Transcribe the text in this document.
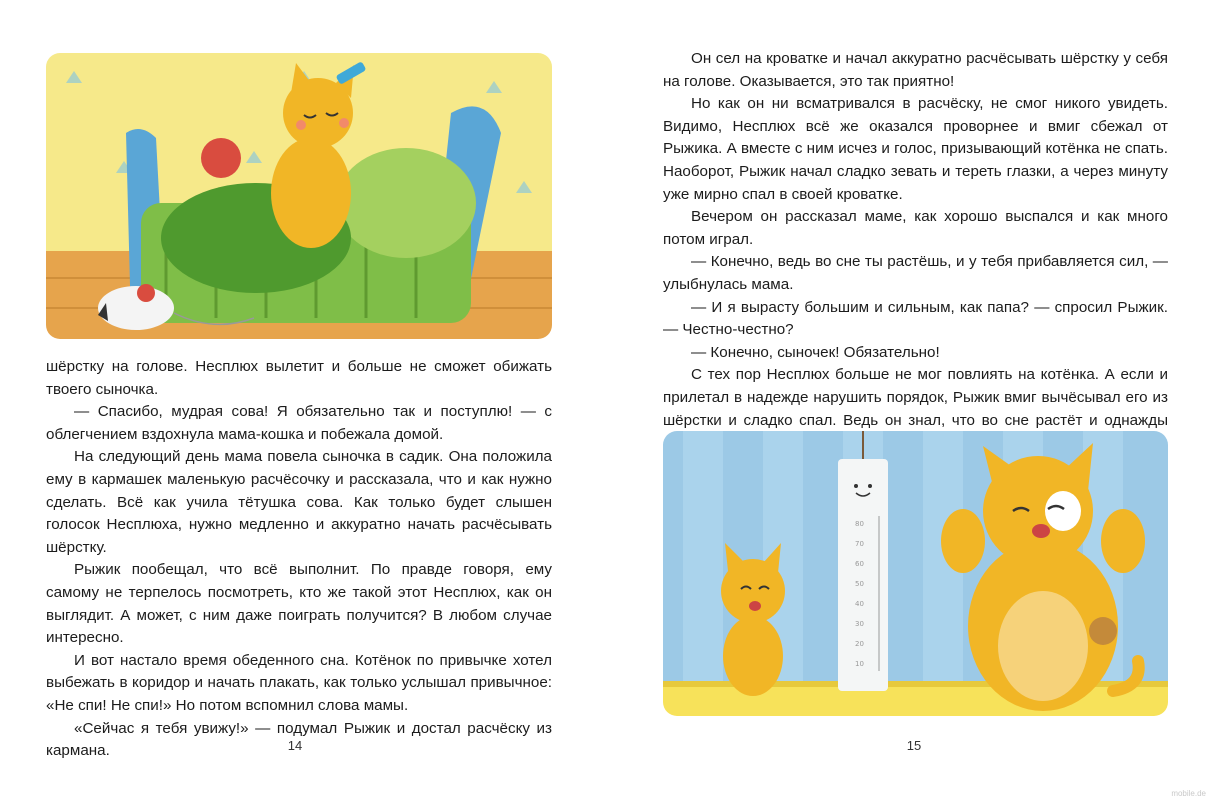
шёрстку на голове. Несплюх вылетит и больше не сможет обижать твоего сыночка.

— Спасибо, мудрая сова! Я обязательно так и поступлю! — с облегчением вздохнула мама-кошка и побежала домой.

На следующий день мама повела сыночка в садик. Она положила ему в кармашек маленькую расчёсочку и рассказала, что и как нужно сделать. Всё как учила тётушка сова. Как только будет слышен голосок Несплюха, нужно медленно и аккуратно начать расчёсывать шёрстку.

Рыжик пообещал, что всё выполнит. По правде говоря, ему самому не терпелось посмотреть, кто же такой этот Несплюх, как он выглядит. А может, с ним даже поиграть получится? В любом случае интересно.

И вот настало время обеденного сна. Котёнок по привычке хотел выбежать в коридор и начать плакать, как только услышал привычное: «Не спи! Не спи!» Но потом вспомнил слова мамы.

«Сейчас я тебя увижу!» — подумал Рыжик и достал расчёску из кармана.	14

Он сел на кроватке и начал аккуратно расчёсывать шёрстку у себя на голове. Оказывается, это так приятно!

Но как он ни всматривался в расчёску, не смог никого увидеть. Видимо, Несплюх всё же оказался проворнее и вмиг сбежал от Рыжика. А вместе с ним исчез и голос, призывающий котёнка не спать. Наоборот, Рыжик начал сладко зевать и тереть глазки, а через минуту уже мирно спал в своей кроватке.

Вечером он рассказал маме, как хорошо выспался и как много потом играл.

— Конечно, ведь во сне ты растёшь, и у тебя прибавляется сил, — улыбнулась мама.

— И я вырасту большим и сильным, как папа? — спросил Рыжик. — Честно-честно?

— Конечно, сыночек! Обязательно!

С тех пор Несплюх больше не мог повлиять на котёнка. А если и прилетал в надежде нарушить порядок, Рыжик вмиг вычёсывал его из шёрстки и сладко спал. Ведь он знал, что во сне растёт и однажды

80
70
60
50
40
30
20
10
15
mobile.de
